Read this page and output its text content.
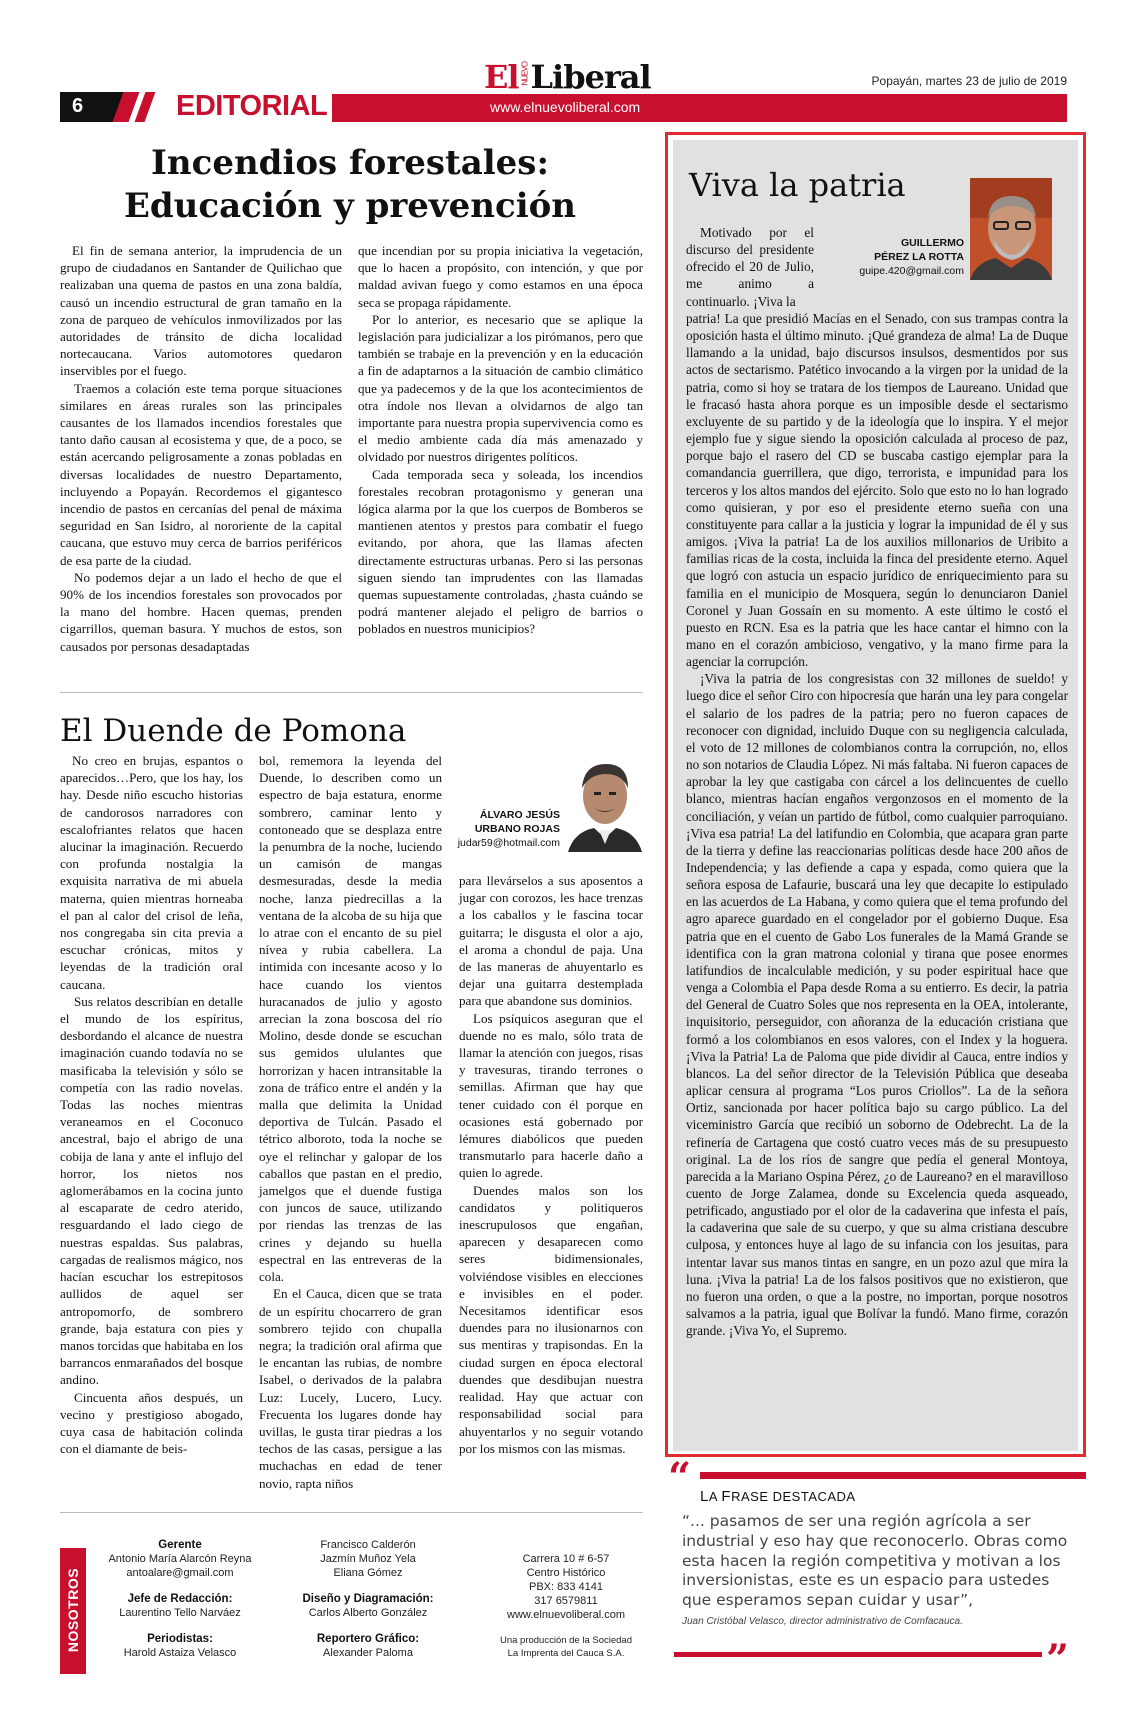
6	EDITORIAL	www.elnuevoliberal.com
El NUEVOLiberal	Popayán, martes 23 de julio de 2019
Incendios forestales:
Educación y prevención

El fin de semana anterior, la imprudencia de un grupo de ciudadanos en Santander de Quilichao que realizaban una quema de pastos en una zona baldía, causó un incendio estructural de gran tamaño en la zona de parqueo de vehículos inmovilizados por las autoridades de tránsito de dicha localidad nortecaucana. Varios automotores quedaron inservibles por el fuego.

Traemos a colación este tema porque situaciones similares en áreas rurales son las principales causantes de los llamados incendios forestales que tanto daño causan al ecosistema y que, de a poco, se están acercando peligrosamente a zonas pobladas en diversas localidades de nuestro Departamento, incluyendo a Popayán. Recordemos el gigantesco incendio de pastos en cercanías del penal de máxima seguridad en San Isidro, al nororiente de la capital caucana, que estuvo muy cerca de barrios periféricos de esa parte de la ciudad.

No podemos dejar a un lado el hecho de que el 90% de los incendios forestales son provocados por la mano del hombre. Hacen quemas, prenden cigarrillos, queman basura. Y muchos de estos, son causados por personas desadaptadas

que incendian por su propia iniciativa la vegetación, que lo hacen a propósito, con intención, y que por maldad avivan fuego y como estamos en una época seca se propaga rápidamente.

Por lo anterior, es necesario que se aplique la legislación para judicializar a los pirómanos, pero que también se trabaje en la prevención y en la educación a fin de adaptarnos a la situación de cambio climático que ya padecemos y de la que los acontecimientos de otra índole nos llevan a olvidarnos de algo tan importante para nuestra propia supervivencia como es el medio ambiente cada día más amenazado y olvidado por nuestros dirigentes políticos.

Cada temporada seca y soleada, los incendios forestales recobran protagonismo y generan una lógica alarma por la que los cuerpos de Bomberos se mantienen atentos y prestos para combatir el fuego evitando, por ahora, que las llamas afecten directamente estructuras urbanas. Pero si las personas siguen siendo tan imprudentes con las llamadas quemas supuestamente controladas, ¿hasta cuándo se podrá mantener alejado el peligro de barrios o poblados en nuestros municipios?

El Duende de Pomona
ÁLVARO JESÚS
URBANO ROJAS
judar59@hotmail.com

No creo en brujas, espantos o aparecidos…Pero, que los hay, los hay. Desde niño escucho historias de candorosos narradores con escalofriantes relatos que hacen alucinar la imaginación. Recuerdo con profunda nostalgia la exquisita narrativa de mi abuela materna, quien mientras horneaba el pan al calor del crisol de leña, nos congregaba sin cita previa a escuchar crónicas, mitos y leyendas de la tradición oral caucana.

Sus relatos describían en detalle el mundo de los espíritus, desbordando el alcance de nuestra imaginación cuando todavía no se masificaba la televisión y sólo se competía con las radio novelas. Todas las noches mientras veraneamos en el Coconuco ancestral, bajo el abrigo de una cobija de lana y ante el influjo del horror, los nietos nos aglomerábamos en la cocina junto al escaparate de cedro aterido, resguardando el lado ciego de nuestras espaldas. Sus palabras, cargadas de realismos mágico, nos hacían escuchar los estrepitosos aullidos de aquel ser antropomorfo, de sombrero grande, baja estatura con pies y manos torcidas que habitaba en los barrancos enmarañados del bosque andino.

Cincuenta años después, un vecino y prestigioso abogado, cuya casa de habitación colinda con el diamante de beis-

bol, rememora la leyenda del Duende, lo describen como un espectro de baja estatura, enorme sombrero, caminar lento y contoneado que se desplaza entre la penumbra de la noche, luciendo un camisón de mangas desmesuradas, desde la media noche, lanza piedrecillas a la ventana de la alcoba de su hija que lo atrae con el encanto de su piel nívea y rubia cabellera. La intimida con incesante acoso y lo hace cuando los vientos huracanados de julio y agosto arrecian la zona boscosa del río Molino, desde donde se escuchan sus gemidos ululantes que horrorizan y hacen intransitable la zona de tráfico entre el andén y la malla que delimita la Unidad deportiva de Tulcán. Pasado el tétrico alboroto, toda la noche se oye el relinchar y galopar de los caballos que pastan en el predio, jamelgos que el duende fustiga con juncos de sauce, utilizando por riendas las trenzas de las crines y dejando su huella espectral en las entreveras de la cola.

En el Cauca, dicen que se trata de un espíritu chocarrero de gran sombrero tejido con chupalla negra; la tradición oral afirma que le encantan las rubias, de nombre Isabel, o derivados de la palabra Luz: Lucely, Lucero, Lucy. Frecuenta los lugares donde hay uvillas, le gusta tirar piedras a los techos de las casas, persigue a las muchachas en edad de tener novio, rapta niños

para llevárselos a sus aposentos a jugar con corozos, les hace trenzas a los caballos y le fascina tocar guitarra; le disgusta el olor a ajo, el aroma a chondul de paja. Una de las maneras de ahuyentarlo es dejar una guitarra destemplada para que abandone sus dominios.

Los psíquicos aseguran que el duende no es malo, sólo trata de llamar la atención con juegos, risas y travesuras, tirando terrones o semillas. Afirman que hay que tener cuidado con él porque en ocasiones está gobernado por lémures diabólicos que pueden transmutarlo para hacerle daño a quien lo agrede.

Duendes malos son los candidatos y politiqueros inescrupulosos que engañan, aparecen y desaparecen como seres bidimensionales, volviéndose visibles en elecciones e invisibles en el poder. Necesitamos identificar esos duendes para no ilusionarnos con sus mentiras y trapisondas. En la ciudad surgen en época electoral duendes que desdibujan nuestra realidad. Hay que actuar con responsabilidad social para ahuyentarlos y no seguir votando por los mismos con las mismas.

Viva la patria
GUILLERMO
PÉREZ LA ROTTA
guipe.420@gmail.com

Motivado por el discurso del presidente ofrecido el 20 de Julio, me animo a continuarlo. ¡Viva la

patria! La que presidió Macías en el Senado, con sus trampas contra la oposición hasta el último minuto. ¡Qué grandeza de alma! La de Duque llamando a la unidad, bajo discursos insulsos, desmentidos por sus actos de sectarismo. Patético invocando a la virgen por la unidad de la patria, como si hoy se tratara de los tiempos de Laureano. Unidad que le fracasó hasta ahora porque es un imposible desde el sectarismo excluyente de su partido y de la ideología que lo inspira. Y el mejor ejemplo fue y sigue siendo la oposición calculada al proceso de paz, porque bajo el rasero del CD se buscaba castigo ejemplar para la comandancia guerrillera, que digo, terrorista, e impunidad para los terceros y los altos mandos del ejército. Solo que esto no lo han logrado como quisieran, y por eso el presidente eterno sueña con una constituyente para callar a la justicia y lograr la impunidad de él y sus amigos. ¡Viva la patria! La de los auxilios millonarios de Uribito a familias ricas de la costa, incluida la finca del presidente eterno. Aquel que logró con astucia un espacio jurídico de enriquecimiento para su familia en el municipio de Mosquera, según lo denunciaron Daniel Coronel y Juan Gossaín en su momento. A este último le costó el puesto en RCN. Esa es la patria que les hace cantar el himno con la mano en el corazón ambicioso, vengativo, y la mano firme para la agenciar la corrupción.

¡Viva la patria de los congresistas con 32 millones de sueldo! y luego dice el señor Ciro con hipocresía que harán una ley para congelar el salario de los padres de la patria; pero no fueron capaces de reconocer con dignidad, incluido Duque con su negligencia calculada, el voto de 12 millones de colombianos contra la corrupción, no, ellos no son notarios de Claudia López. Ni más faltaba. Ni fueron capaces de aprobar la ley que castigaba con cárcel a los delincuentes de cuello blanco, mientras hacían engaños vergonzosos en el momento de la conciliación, y veían un partido de fútbol, como cualquier parroquiano. ¡Viva esa patria! La del latifundio en Colombia, que acapara gran parte de la tierra y define las reaccionarias políticas desde hace 200 años de Independencia; y las defiende a capa y espada, como quiera que la señora esposa de Lafaurie, buscará una ley que decapite lo estipulado en las acuerdos de La Habana, y como quiera que el tema profundo del agro aparece guardado en el congelador por el gobierno Duque. Esa patria que en el cuento de Gabo Los funerales de la Mamá Grande se identifica con la gran matrona colonial y tirana que posee enormes latifundios de incalculable medición, y su poder espiritual hace que venga a Colombia el Papa desde Roma a su entierro. Es decir, la patria del General de Cuatro Soles que nos representa en la OEA, intolerante, inquisitorio, perseguidor, con añoranza de la educación cristiana que formó a los colombianos en esos valores, con el Index y la hoguera. ¡Viva la Patria! La de Paloma que pide dividir al Cauca, entre indios y blancos. La del señor director de la Televisión Pública que deseaba aplicar censura al programa “Los puros Criollos”. La de la señora Ortiz, sancionada por hacer política bajo su cargo público. La del viceministro García que recibió un soborno de Odebrecht. La de la refinería de Cartagena que costó cuatro veces más de su presupuesto original. La de los ríos de sangre que pedía el general Montoya, parecida a la Mariano Ospina Pérez, ¿o de Laureano? en el maravilloso cuento de Jorge Zalamea, donde su Excelencia queda asqueado, petrificado, angustiado por el olor de la cadaverina que infesta el país, la cadaverina que sale de su cuerpo, y que su alma cristiana descubre culposa, y entonces huye al lago de su infancia con los jesuitas, para intentar lavar sus manos tintas en sangre, en un pozo azul que mira la luna. ¡Viva la patria! La de los falsos positivos que no existieron, que no fueron una orden, o que a la postre, no importan, porque nosotros salvamos a la patria, igual que Bolívar la fundó. Mano firme, corazón grande. ¡Viva Yo, el Supremo.

“ LA FRASE DESTACADA
“... pasamos de ser una región agrícola a ser industrial y eso hay que reconocerlo. Obras como esta hacen la región competitiva y motivan a los inversionistas, este es un espacio para ustedes que esperamos sepan cuidar y usar”,
Juan Cristóbal Velasco, director administrativo de Comfacauca.
”
NOSOTROS
Gerente
Antonio María Alarcón Reyna
antoalare@gmail.com
Jefe de Redacción:
Laurentino Tello Narváez
Periodistas:
Harold Astaiza Velasco
Francisco Calderón
Jazmín Muñoz Yela
Eliana Gómez
Diseño y Diagramación:
Carlos Alberto González
Reportero Gráfico:
Alexander Paloma
Carrera 10 # 6-57
Centro Histórico
PBX: 833 4141
317 6579811
www.elnuevoliberal.com
Una producción de la Sociedad
La Imprenta del Cauca S.A.
